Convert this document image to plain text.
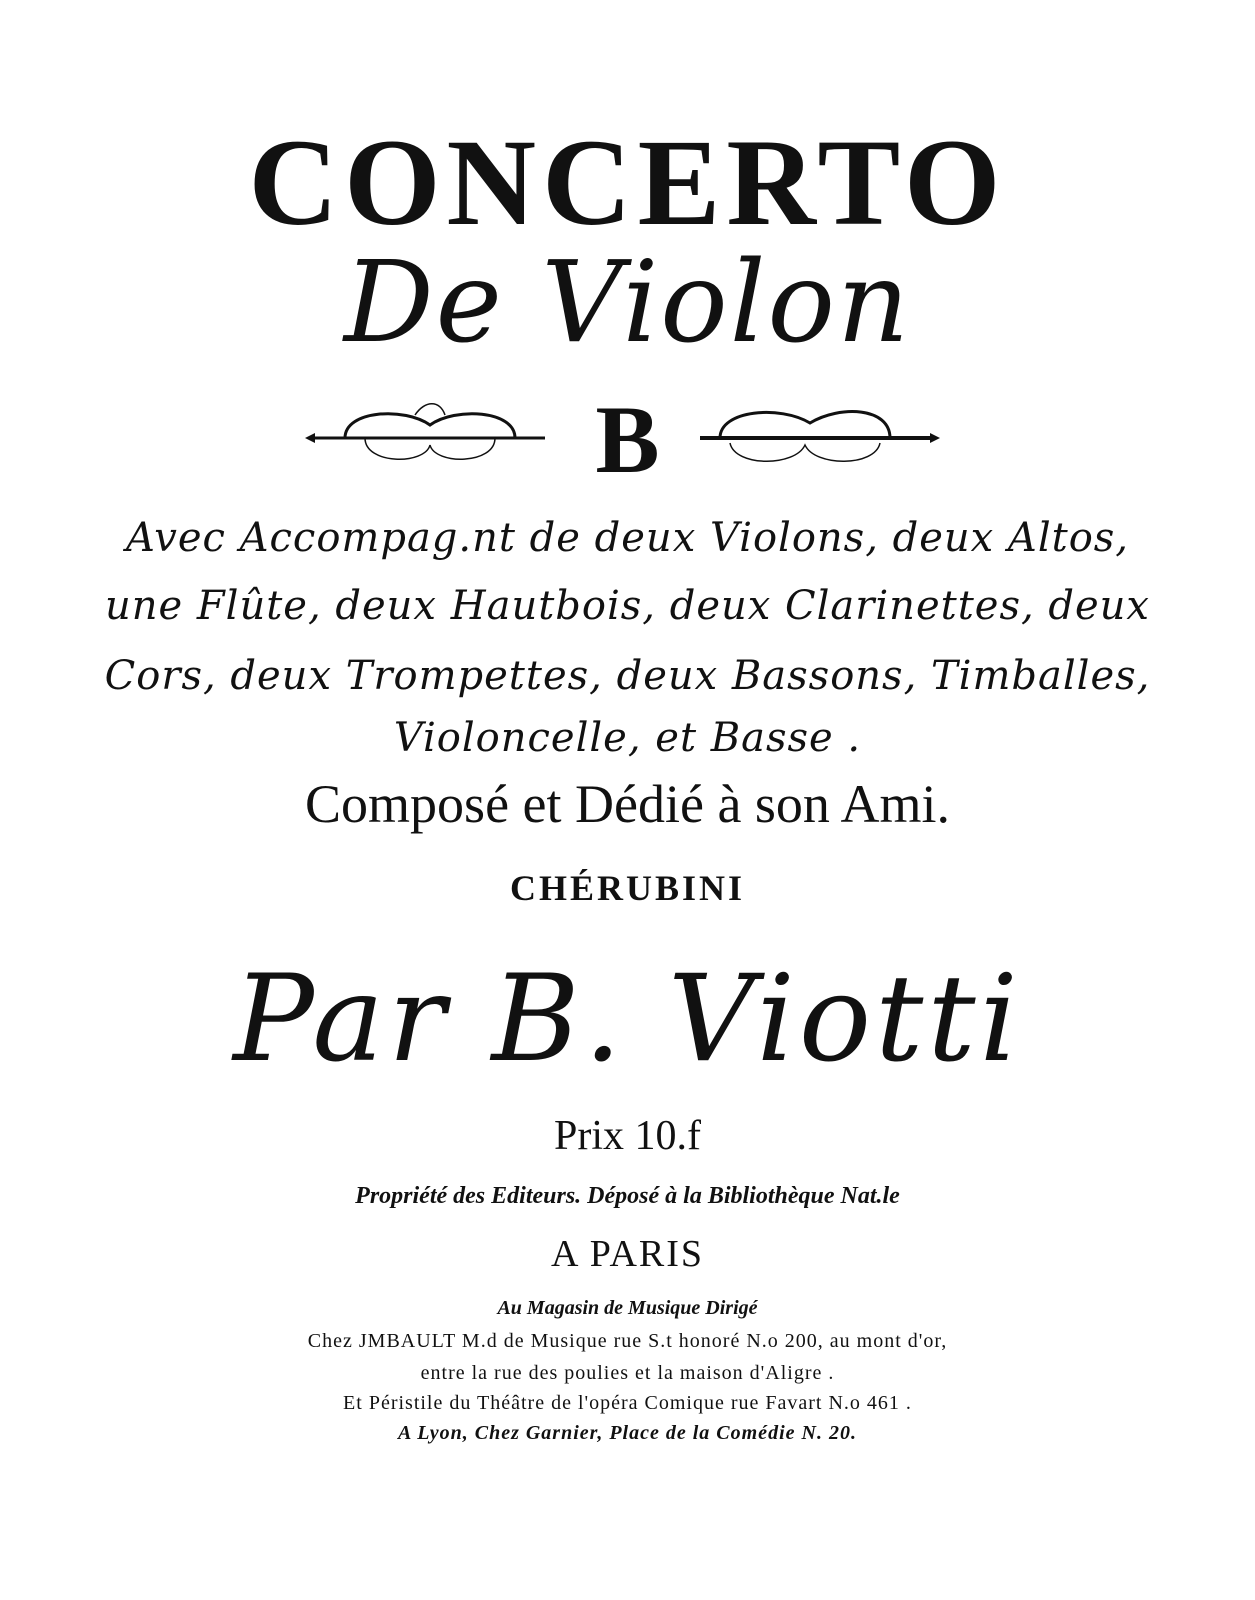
CONCERTO
De Violon
B
Avec Accompag.nt de deux Violons, deux Altos,
une Flûte, deux Hautbois, deux Clarinettes, deux
Cors, deux Trompettes, deux Bassons, Timballes,
Violoncelle, et Basse .
Composé et Dédié à son Ami.
CHÉRUBINI
Par B. Viotti
Prix 10.f
Propriété des Editeurs. Déposé à la Bibliothèque Nat.le
A PARIS
Au Magasin de Musique Dirigé
Chez JMBAULT M.d de Musique rue S.t honoré N.o 200, au mont d'or,
entre la rue des poulies et la maison d'Aligre .
Et Péristile du Théâtre de l'opéra Comique rue Favart N.o 461 .
A Lyon, Chez Garnier, Place de la Comédie N. 20.
